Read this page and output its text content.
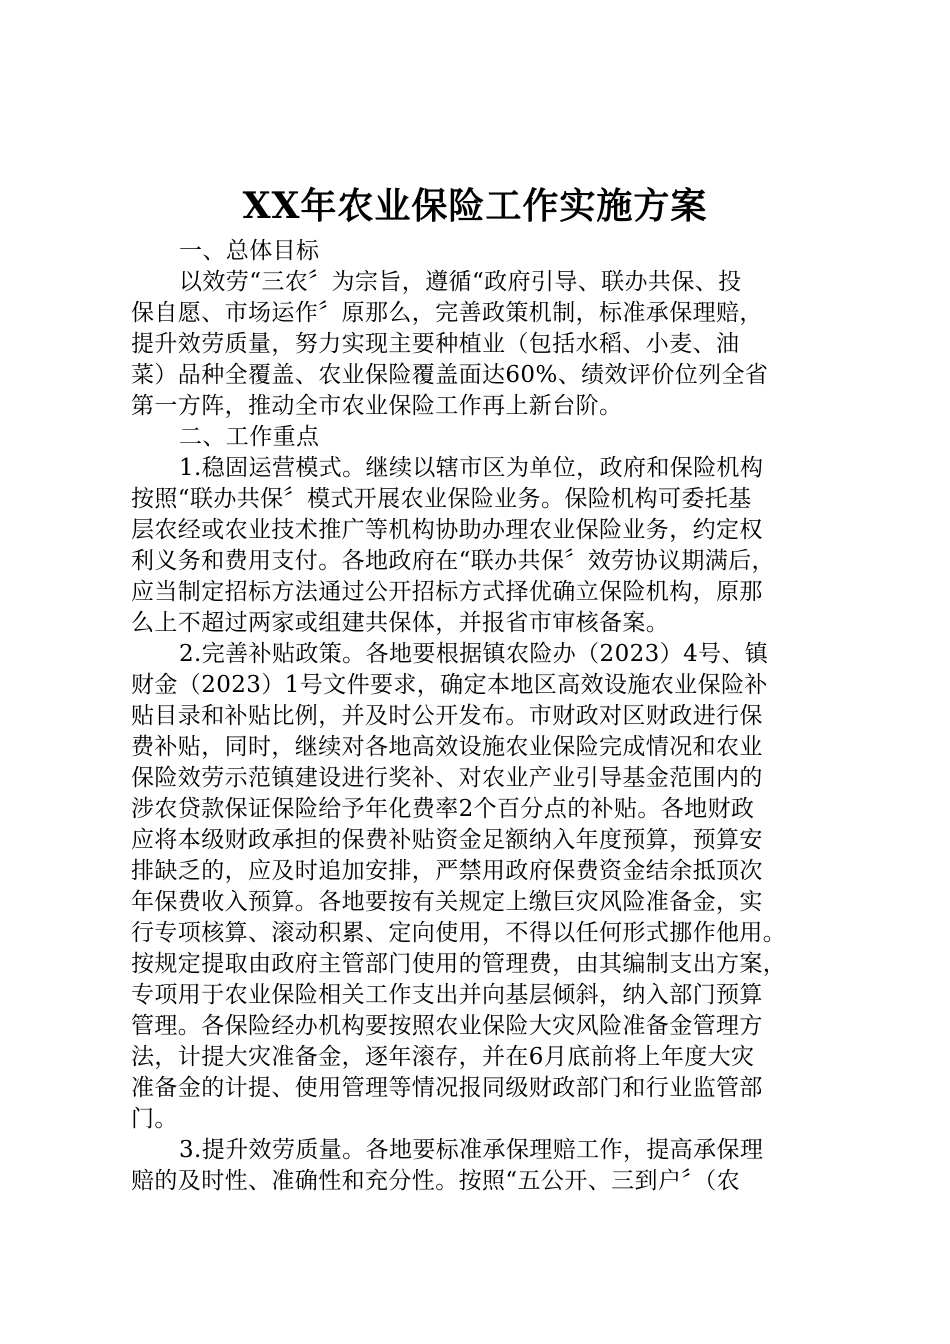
XX年农业保险工作实施方案
一、总体目标
以效劳“三农〞为宗旨，遵循“政府引导、联办共保、投
保自愿、市场运作〞原那么，完善政策机制，标准承保理赔，
提升效劳质量，努力实现主要种植业（包括水稻、小麦、油
菜）品种全覆盖、农业保险覆盖面达60%、绩效评价位列全省
第一方阵，推动全市农业保险工作再上新台阶。
二、工作重点
1.稳固运营模式。继续以辖市区为单位，政府和保险机构
按照“联办共保〞模式开展农业保险业务。保险机构可委托基
层农经或农业技术推广等机构协助办理农业保险业务，约定权
利义务和费用支付。各地政府在“联办共保〞效劳协议期满后，
应当制定招标方法通过公开招标方式择优确立保险机构，原那
么上不超过两家或组建共保体，并报省市审核备案。
2.完善补贴政策。各地要根据镇农险办（2023）4号、镇
财金（2023）1号文件要求，确定本地区高效设施农业保险补
贴目录和补贴比例，并及时公开发布。市财政对区财政进行保
费补贴，同时，继续对各地高效设施农业保险完成情况和农业
保险效劳示范镇建设进行奖补、对农业产业引导基金范围内的
涉农贷款保证保险给予年化费率2个百分点的补贴。各地财政
应将本级财政承担的保费补贴资金足额纳入年度预算，预算安
排缺乏的，应及时追加安排，严禁用政府保费资金结余抵顶次
年保费收入预算。各地要按有关规定上缴巨灾风险准备金，实
行专项核算、滚动积累、定向使用，不得以任何形式挪作他用。
按规定提取由政府主管部门使用的管理费，由其编制支出方案，
专项用于农业保险相关工作支出并向基层倾斜，纳入部门预算
管理。各保险经办机构要按照农业保险大灾风险准备金管理方
法，计提大灾准备金，逐年滚存，并在6月底前将上年度大灾
准备金的计提、使用管理等情况报同级财政部门和行业监管部
门。
3.提升效劳质量。各地要标准承保理赔工作，提高承保理
赔的及时性、准确性和充分性。按照“五公开、三到户〞（农
